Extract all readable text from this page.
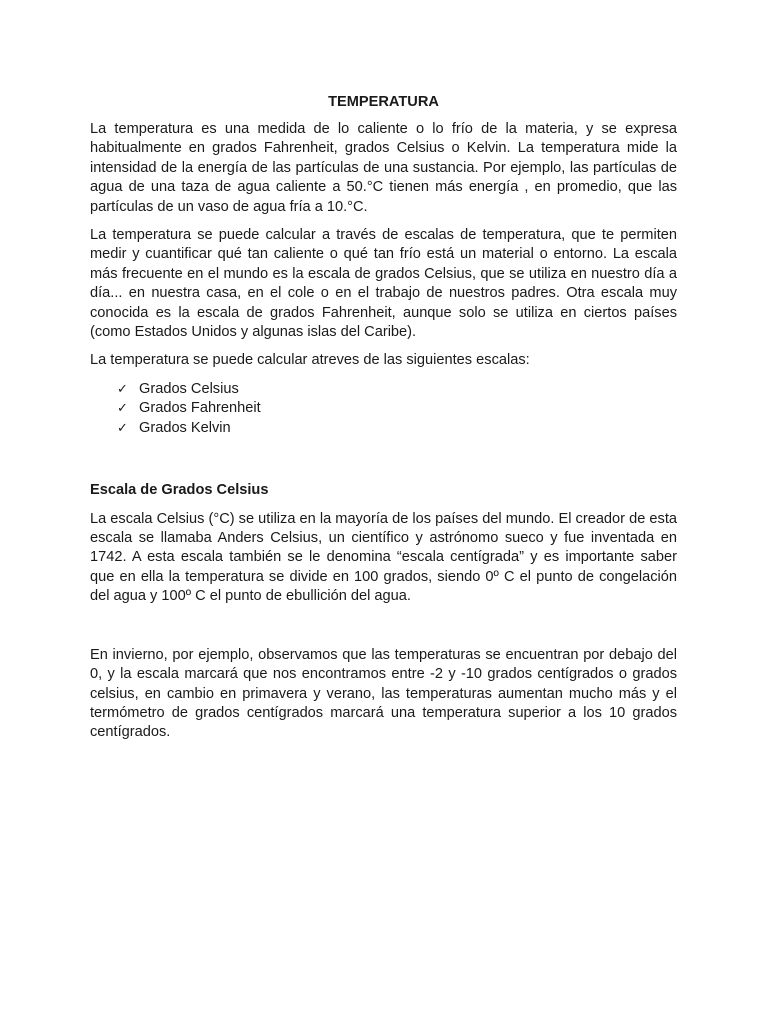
TEMPERATURA

La temperatura es una medida de lo caliente o lo frío de la materia, y se expresa habitualmente en grados Fahrenheit, grados Celsius o Kelvin. La temperatura mide la intensidad de la energía de las partículas de una sustancia. Por ejemplo, las partículas de agua de una taza de agua caliente a 50.°C tienen más energía , en promedio, que las partículas de un vaso de agua fría a 10.°C.

La temperatura se puede calcular a través de escalas de temperatura, que te permiten medir y cuantificar qué tan caliente o qué tan frío está un material o entorno. La escala más frecuente en el mundo es la escala de grados Celsius, que se utiliza en nuestro día a día... en nuestra casa, en el cole o en el trabajo de nuestros padres. Otra escala muy conocida es la escala de grados Fahrenheit, aunque solo se utiliza en ciertos países (como Estados Unidos y algunas islas del Caribe).

La temperatura se puede calcular atreves de las siguientes escalas:

✓ Grados Celsius
✓ Grados Fahrenheit
✓ Grados Kelvin
Escala de Grados Celsius

La escala Celsius (°C) se utiliza en la mayoría de los países del mundo. El creador de esta escala se llamaba Anders Celsius, un científico y astrónomo sueco y fue inventada en 1742. A esta escala también se le denomina “escala centígrada” y es importante saber que en ella la temperatura se divide en 100 grados, siendo 0º C el punto de congelación del agua y 100º C el punto de ebullición del agua.

En invierno, por ejemplo, observamos que las temperaturas se encuentran por debajo del 0, y la escala marcará que nos encontramos entre -2 y -10 grados centígrados o grados celsius, en cambio en primavera y verano, las temperaturas aumentan mucho más y el termómetro de grados centígrados marcará una temperatura superior a los 10 grados centígrados.
